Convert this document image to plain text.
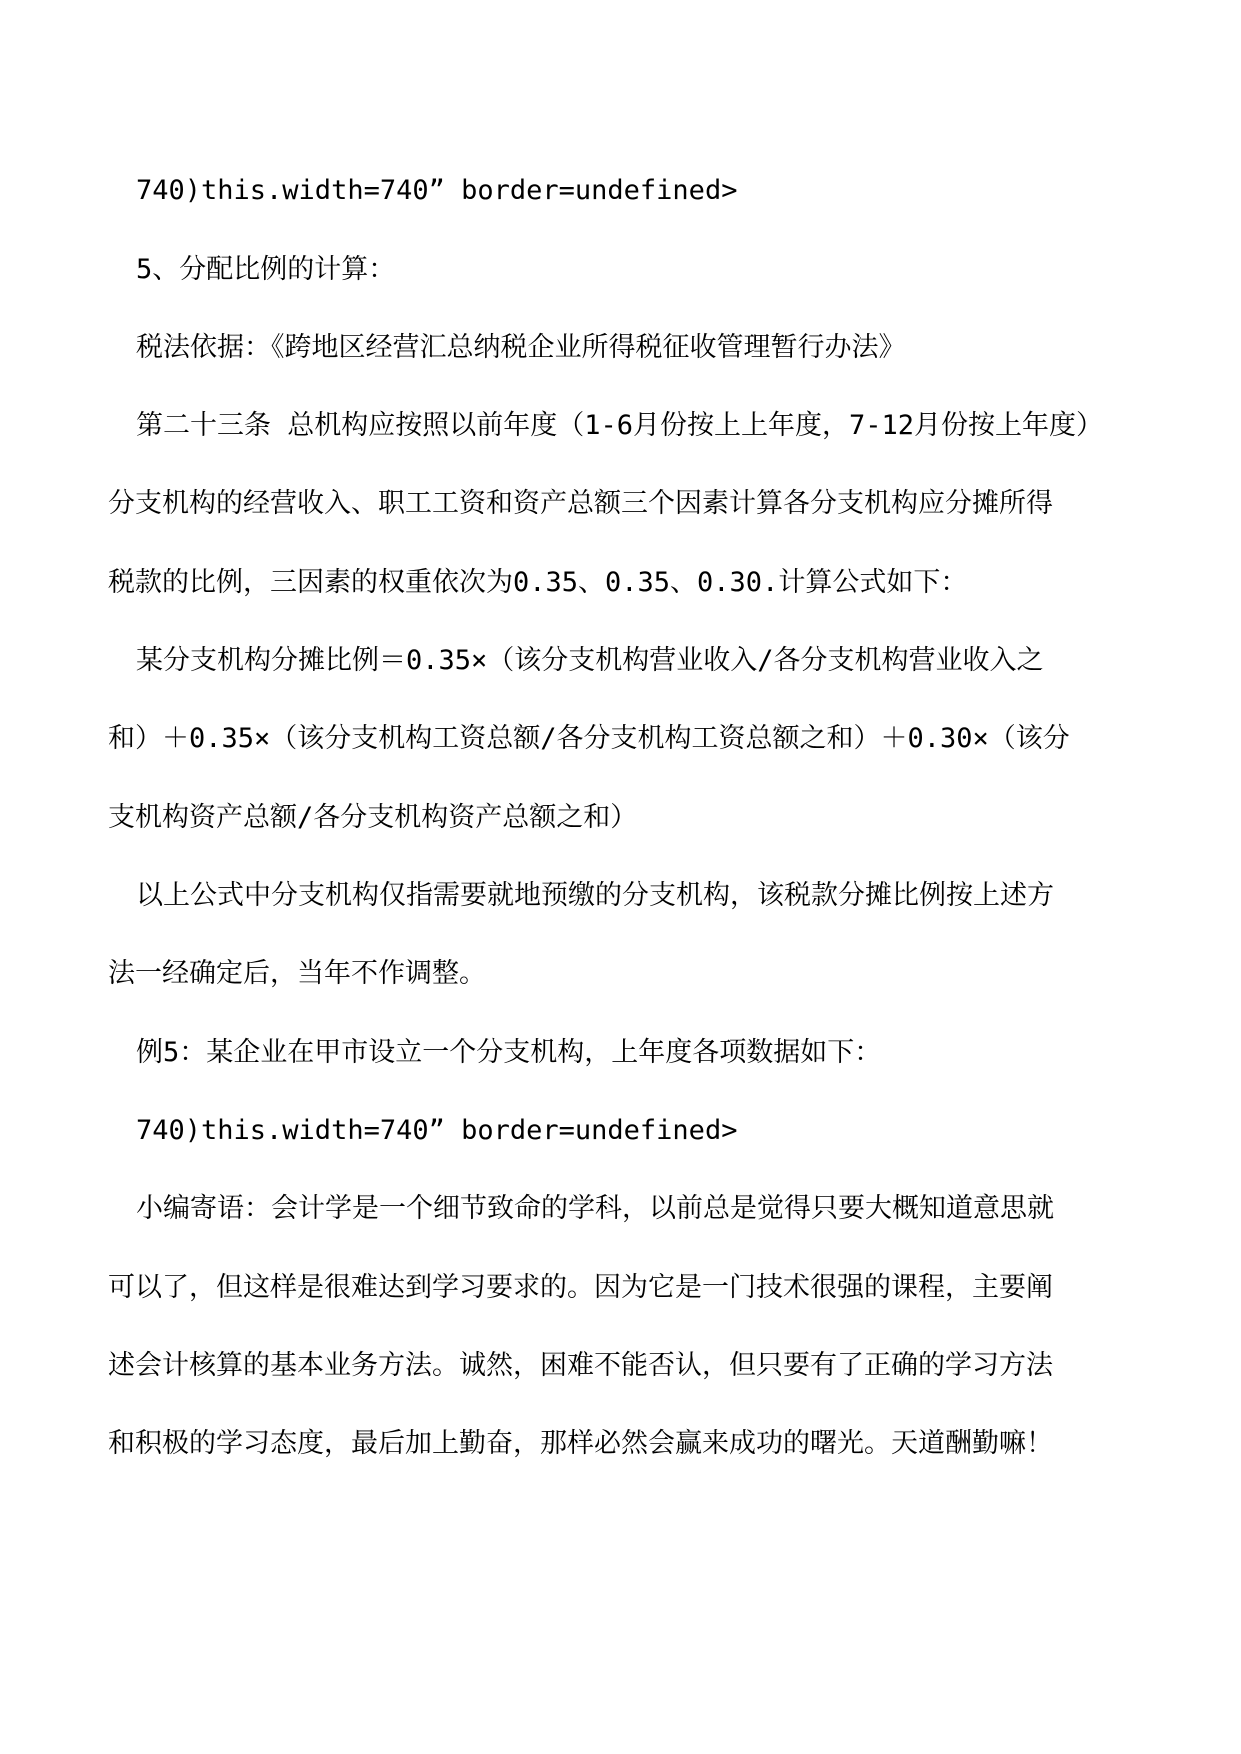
740)this.width=740” border=undefined>
5、分配比例的计算：
税法依据：《跨地区经营汇总纳税企业所得税征收管理暂行办法》
第二十三条 总机构应按照以前年度（1-6月份按上上年度，7-12月份按上年度）
分支机构的经营收入、职工工资和资产总额三个因素计算各分支机构应分摊所得
税款的比例，三因素的权重依次为0.35、0.35、0.30.计算公式如下：
某分支机构分摊比例＝0.35×（该分支机构营业收入/各分支机构营业收入之
和）＋0.35×（该分支机构工资总额/各分支机构工资总额之和）＋0.30×（该分
支机构资产总额/各分支机构资产总额之和）
以上公式中分支机构仅指需要就地预缴的分支机构，该税款分摊比例按上述方
法一经确定后，当年不作调整。
例5：某企业在甲市设立一个分支机构，上年度各项数据如下：
740)this.width=740” border=undefined>
小编寄语：会计学是一个细节致命的学科，以前总是觉得只要大概知道意思就
可以了，但这样是很难达到学习要求的。因为它是一门技术很强的课程，主要阐
述会计核算的基本业务方法。诚然，困难不能否认，但只要有了正确的学习方法
和积极的学习态度，最后加上勤奋，那样必然会赢来成功的曙光。天道酬勤嘛！
